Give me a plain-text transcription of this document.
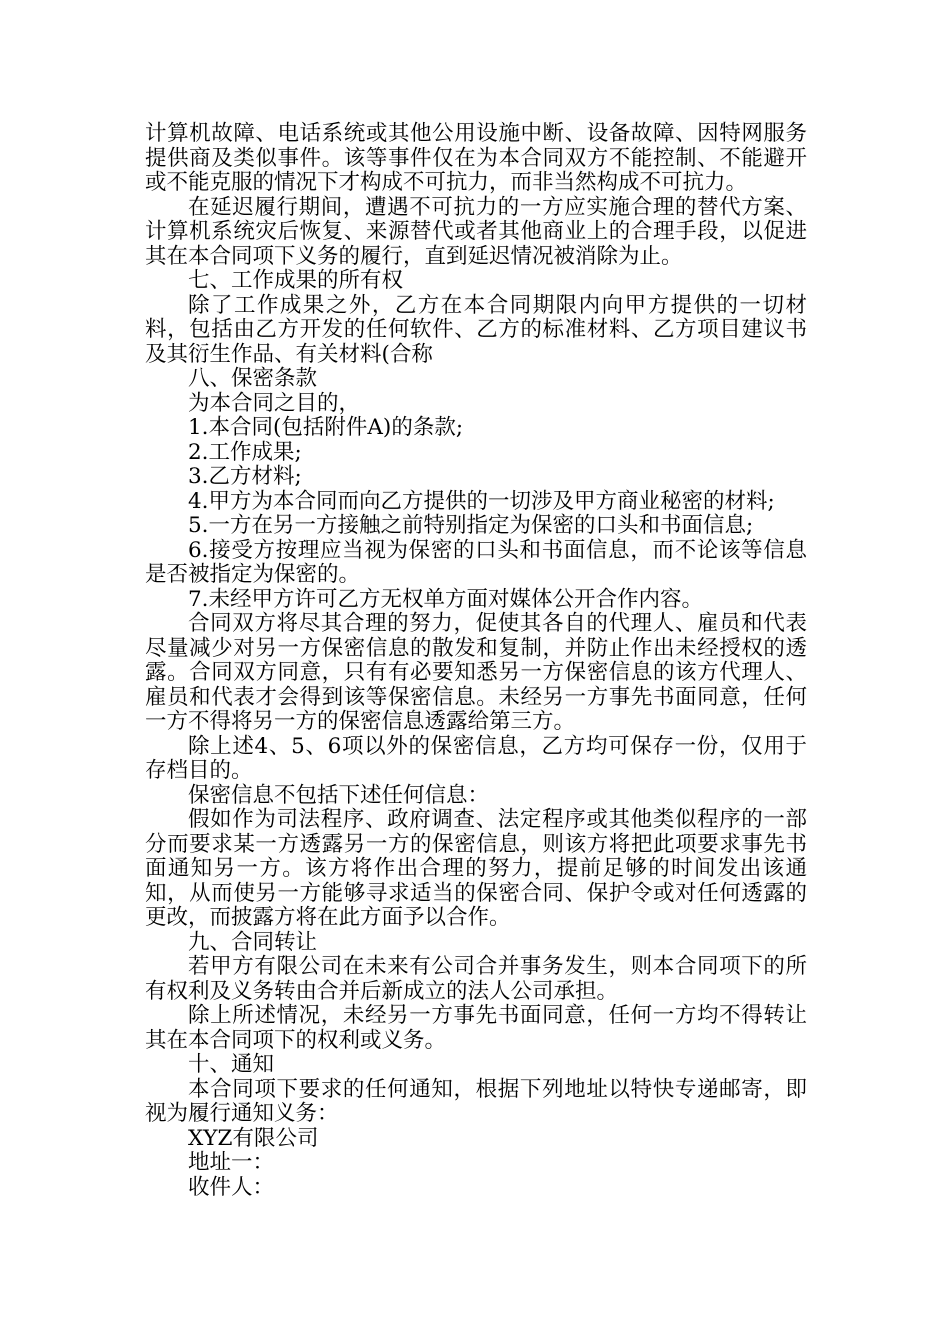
计算机故障、电话系统或其他公用设施中断、设备故障、因特网服务提供商及类似事件。该等事件仅在为本合同双方不能控制、不能避开或不能克服的情况下才构成不可抗力，而非当然构成不可抗力。

在延迟履行期间，遭遇不可抗力的一方应实施合理的替代方案、计算机系统灾后恢复、来源替代或者其他商业上的合理手段，以促进其在本合同项下义务的履行，直到延迟情况被消除为止。

七、工作成果的所有权

除了工作成果之外，乙方在本合同期限内向甲方提供的一切材料，包括由乙方开发的任何软件、乙方的标准材料、乙方项目建议书及其衍生作品、有关材料(合称

八、保密条款

为本合同之目的，

1.本合同(包括附件A)的条款;

2.工作成果;

3.乙方材料;

4.甲方为本合同而向乙方提供的一切涉及甲方商业秘密的材料;

5.一方在另一方接触之前特别指定为保密的口头和书面信息;

6.接受方按理应当视为保密的口头和书面信息，而不论该等信息是否被指定为保密的。

7.未经甲方许可乙方无权单方面对媒体公开合作内容。

合同双方将尽其合理的努力，促使其各自的代理人、雇员和代表尽量减少对另一方保密信息的散发和复制，并防止作出未经授权的透露。合同双方同意，只有有必要知悉另一方保密信息的该方代理人、雇员和代表才会得到该等保密信息。未经另一方事先书面同意，任何一方不得将另一方的保密信息透露给第三方。

除上述4、5、6项以外的保密信息，乙方均可保存一份，仅用于存档目的。

保密信息不包括下述任何信息：

假如作为司法程序、政府调查、法定程序或其他类似程序的一部分而要求某一方透露另一方的保密信息，则该方将把此项要求事先书面通知另一方。该方将作出合理的努力，提前足够的时间发出该通知，从而使另一方能够寻求适当的保密合同、保护令或对任何透露的更改，而披露方将在此方面予以合作。

九、合同转让

若甲方有限公司在未来有公司合并事务发生，则本合同项下的所有权利及义务转由合并后新成立的法人公司承担。

除上所述情况，未经另一方事先书面同意，任何一方均不得转让其在本合同项下的权利或义务。

十、通知

本合同项下要求的任何通知，根据下列地址以特快专递邮寄，即视为履行通知义务：

XYZ有限公司

地址一：

收件人：
